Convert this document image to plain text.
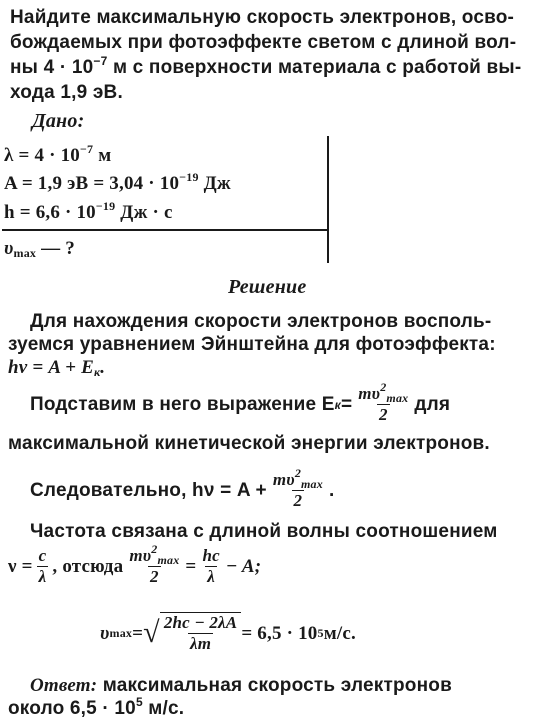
Найдите максимальную скорость электронов, осво-
бождаемых при фотоэффекте светом с длиной вол-
ны $4 \cdot 10^{-7}$ м с поверхности материала с работой вы-
хода 1,9 эВ.
Дано:
$\lambda = 4 \cdot 10^{-7}$ м
A = 1,9 эВ = $3,04 \cdot 10^{-19}$ Дж
$h = 6,6 \cdot 10^{-19}$ Дж · с
$\upsilon_{max}$ — ?
Решение
Для нахождения скорости электронов восполь-
зуемся уравнением Эйнштейна для фотоэффекта:
$h\nu = A + E_к$.
Подставим в него выражение E $к = \frac{m\upsilon^2_{max}}{2}$ для
максимальной кинетической энергии электронов.
Следовательно, $h\nu = A + \frac{m\upsilon^2_{max}}{2}$ .
Частота связана с длиной волны соотношением
$\nu = \frac{c}{\lambda}$ , отсюда $\frac{m\upsilon^2_{max}}{2} = \frac{hc}{\lambda} - A$;
υ max = √ $\frac{2hc - 2\lambda A}{\lambda m} = 6,5 \cdot 10$ 5 м/с.
Ответ: максимальная скорость электронов
около $6,5 \cdot 10^5$ м/с.
